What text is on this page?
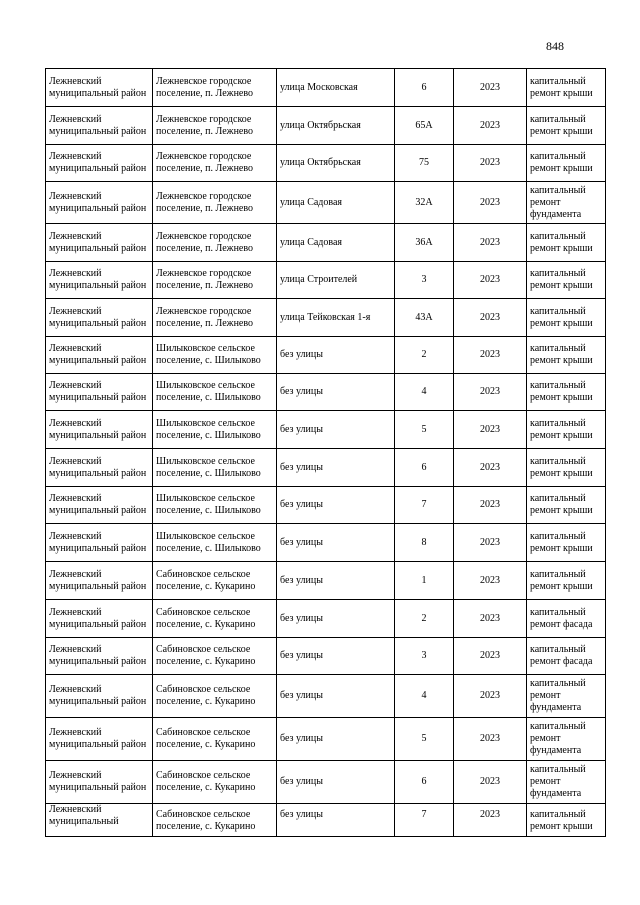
848
Лежневский муниципальный район	Лежневское городское поселение, п. Лежнево	улица Московская	6	2023	капитальный ремонт крыши
Лежневский муниципальный район	Лежневское городское поселение, п. Лежнево	улица Октябрьская	65А	2023	капитальный ремонт крыши
Лежневский муниципальный район	Лежневское городское поселение, п. Лежнево	улица Октябрьская	75	2023	капитальный ремонт крыши
Лежневский муниципальный район	Лежневское городское поселение, п. Лежнево	улица Садовая	32А	2023	капитальный ремонт фундамента
Лежневский муниципальный район	Лежневское городское поселение, п. Лежнево	улица Садовая	36А	2023	капитальный ремонт крыши
Лежневский муниципальный район	Лежневское городское поселение, п. Лежнево	улица Строителей	3	2023	капитальный ремонт крыши
Лежневский муниципальный район	Лежневское городское поселение, п. Лежнево	улица Тейковская 1-я	43А	2023	капитальный ремонт крыши
Лежневский муниципальный район	Шилыковское сельское поселение, с. Шилыково	без улицы	2	2023	капитальный ремонт крыши
Лежневский муниципальный район	Шилыковское сельское поселение, с. Шилыково	без улицы	4	2023	капитальный ремонт крыши
Лежневский муниципальный район	Шилыковское сельское поселение, с. Шилыково	без улицы	5	2023	капитальный ремонт крыши
Лежневский муниципальный район	Шилыковское сельское поселение, с. Шилыково	без улицы	6	2023	капитальный ремонт крыши
Лежневский муниципальный район	Шилыковское сельское поселение, с. Шилыково	без улицы	7	2023	капитальный ремонт крыши
Лежневский муниципальный район	Шилыковское сельское поселение, с. Шилыково	без улицы	8	2023	капитальный ремонт крыши
Лежневский муниципальный район	Сабиновское сельское поселение, с. Кукарино	без улицы	1	2023	капитальный ремонт крыши
Лежневский муниципальный район	Сабиновское сельское поселение, с. Кукарино	без улицы	2	2023	капитальный ремонт фасада
Лежневский муниципальный район	Сабиновское сельское поселение, с. Кукарино	без улицы	3	2023	капитальный ремонт фасада
Лежневский муниципальный район	Сабиновское сельское поселение, с. Кукарино	без улицы	4	2023	капитальный ремонт фундамента
Лежневский муниципальный район	Сабиновское сельское поселение, с. Кукарино	без улицы	5	2023	капитальный ремонт фундамента
Лежневский муниципальный район	Сабиновское сельское поселение, с. Кукарино	без улицы	6	2023	капитальный ремонт фундамента
Лежневский муниципальный	Сабиновское сельское поселение, с. Кукарино	без улицы	7	2023	капитальный ремонт крыши
